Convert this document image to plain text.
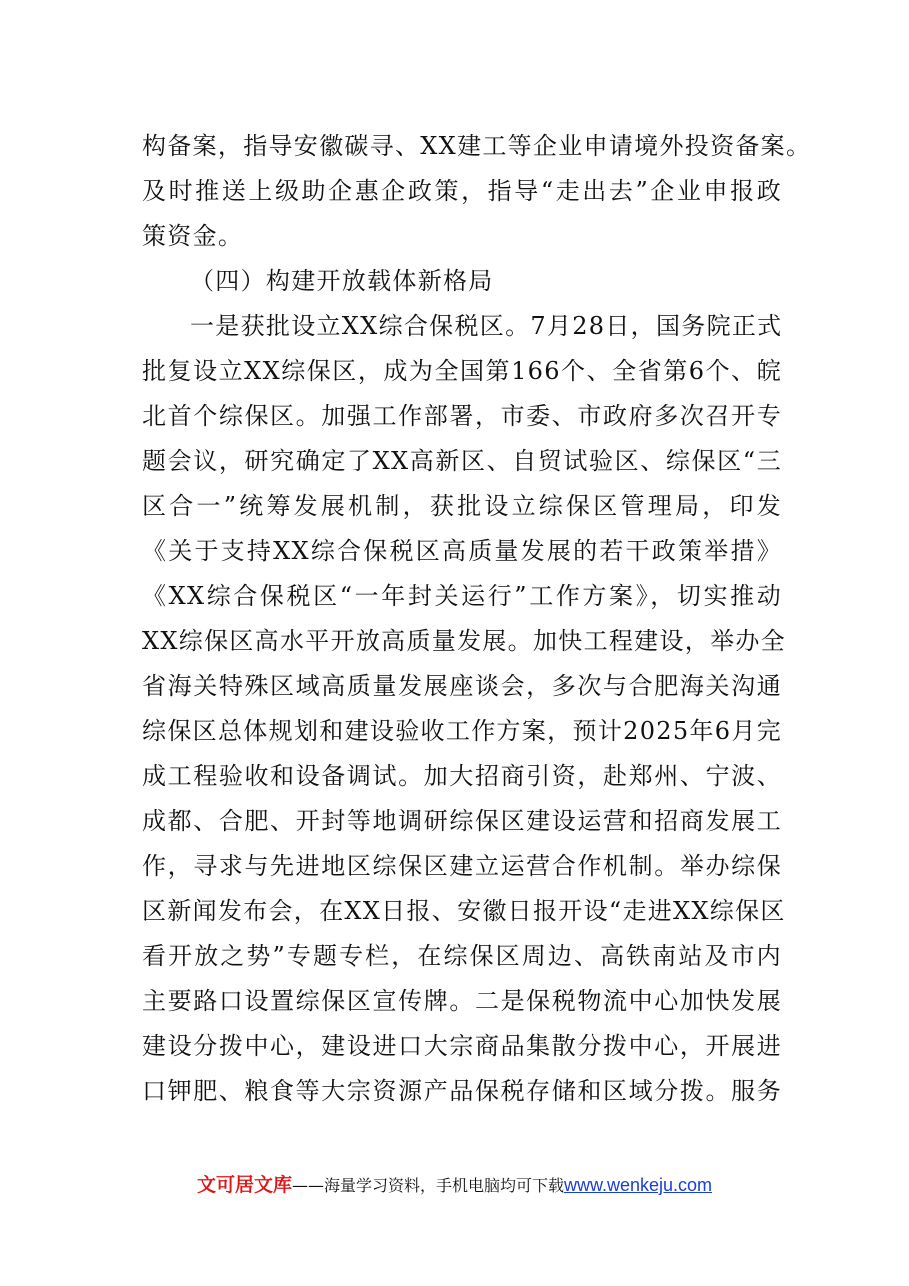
构备案，指导安徽碳寻、XX建工等企业申请境外投资备案。
及时推送上级助企惠企政策，指导“走出去”企业申报政
策资金。
（四）构建开放载体新格局
一是获批设立XX综合保税区。7月28日，国务院正式
批复设立XX综保区，成为全国第166个、全省第6个、皖
北首个综保区。加强工作部署，市委、市政府多次召开专
题会议，研究确定了XX高新区、自贸试验区、综保区“三
区合一”统筹发展机制，获批设立综保区管理局，印发
《关于支持XX综合保税区高质量发展的若干政策举措》
《XX综合保税区“一年封关运行”工作方案》，切实推动
XX综保区高水平开放高质量发展。加快工程建设，举办全
省海关特殊区域高质量发展座谈会，多次与合肥海关沟通
综保区总体规划和建设验收工作方案，预计2025年6月完
成工程验收和设备调试。加大招商引资，赴郑州、宁波、
成都、合肥、开封等地调研综保区建设运营和招商发展工
作，寻求与先进地区综保区建立运营合作机制。举办综保
区新闻发布会，在XX日报、安徽日报开设“走进XX综保区
看开放之势”专题专栏，在综保区周边、高铁南站及市内
主要路口设置综保区宣传牌。二是保税物流中心加快发展
建设分拨中心，建设进口大宗商品集散分拨中心，开展进
口钾肥、粮食等大宗资源产品保税存储和区域分拨。服务
文可居文库——海量学习资料，手机电脑均可下载www.wenkeju.com
